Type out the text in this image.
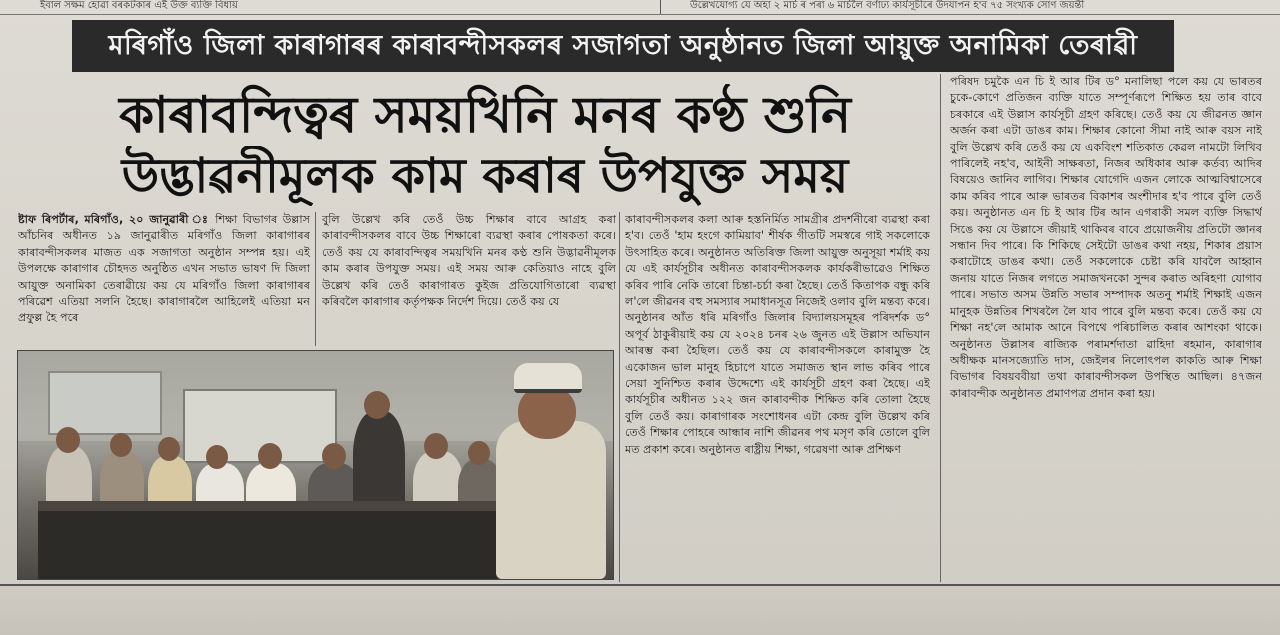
ইবাল সক্ষম হোৱা বৰকটকাৰ এই উক্ত ব্যক্তি বিধায়	উল্লেখযোগ্য যে অহা ২ মাৰ্চ ৰ পৰা ৬ মাৰ্চলৈ বৰ্ণাঢ্য কাৰ্যসূচীৰে উদযাপন হ'ব ৭৫ সংখ্যক সোণ জয়ন্তী
মৰিগাঁও জিলা কাৰাগাৰৰ কাৰাবন্দীসকলৰ সজাগতা অনুষ্ঠানত জিলা আয়ুক্ত অনামিকা তেৰাৱী
কাৰাবন্দিত্বৰ সময়খিনি মনৰ কণ্ঠ শুনি
উদ্ভাৱনীমূলক কাম কৰাৰ উপযুক্ত সময়
ষ্টাফ ৰিপৰ্টাৰ, মৰিগাঁও, ২০ জানুৱাৰী ঃ শিক্ষা বিভাগৰ উল্লাস আঁচনিৰ অধীনত ১৯ জানুৱাৰীত মৰিগাঁও জিলা কাৰাগাৰৰ কাৰাবন্দীসকলৰ মাজত এক সজাগতা অনুষ্ঠান সম্পন্ন হয়। এই উপলক্ষে কাৰাগাৰ চৌহদত অনুষ্ঠিত এখন সভাত ভাষণ দি জিলা আয়ুক্ত অনামিকা তেৰাৱীয়ে কয় যে মৰিগাঁও জিলা কাৰাগাৰৰ পৰিৱেশ এতিয়া সলনি হৈছে। কাৰাগাৰলৈ আহিলেই এতিয়া মন প্ৰফুল্ল হৈ পৰে
বুলি উল্লেখ কৰি তেওঁ উচ্চ শিক্ষাৰ বাবে আগ্ৰহ কৰা কাৰাবন্দীসকলৰ বাবে উচ্চ শিক্ষাৰো ব্যৱস্থা কৰাৰ পোষকতা কৰে। তেওঁ কয় যে কাৰাবন্দিত্বৰ সময়খিনি মনৰ কণ্ঠ শুনি উদ্ভাৱনীমূলক কাম কৰাৰ উপযুক্ত সময়। এই সময় আৰু কেতিয়াও নাহে বুলি উল্লেখ কৰি তেওঁ কাৰাগাৰত কুইজ প্ৰতিযোগিতাৰো ব্যৱস্থা কৰিবলৈ কাৰাগাৰ কৰ্তৃপক্ষক নিৰ্দেশ দিয়ে। তেওঁ কয় যে
কাৰাবন্দীসকলৰ কলা আৰু হস্তনিৰ্মিত সামগ্ৰীৰ প্ৰদৰ্শনীৰো ব্যৱস্থা কৰা হ'ব। তেওঁ 'হাম হংগে কামিয়াব' শীৰ্ষক গীতটি সমস্বৰে গাই সকলোকে উৎসাহিত কৰে। অনুষ্ঠানত অতিৰিক্ত জিলা আয়ুক্ত অনুসূয়া শৰ্মাই কয় যে এই কাৰ্যসূচীৰ অধীনত কাৰাবন্দীসকলক কাৰ্যকৰীভাৱেও শিক্ষিত কৰিব পাৰি নেকি তাৰো চিন্তা-চৰ্চা কৰা হৈছে। তেওঁ কিতাপক বন্ধু কৰি ল'লে জীৱনৰ বহু সমস্যাৰ সমাধানসূত্ৰ নিজেই ওলাব বুলি মন্তব্য কৰে। অনুষ্ঠানৰ আঁত ধৰি মৰিগাঁও জিলাৰ বিদ্যালয়সমূহৰ পৰিদৰ্শক ড° অপূৰ্ব ঠাকুৰীয়াই কয় যে ২০২৪ চনৰ ২৬ জুনত এই উল্লাস অভিযান আৰম্ভ কৰা হৈছিল। তেওঁ কয় যে কাৰাবন্দীসকলে কাৰামুক্ত হৈ একোজন ভাল মানুহ হিচাপে যাতে সমাজত স্থান লাভ কৰিব পাৰে সেয়া সুনিশ্চিত কৰাৰ উদ্দেশ্যে এই কাৰ্যসূচী গ্ৰহণ কৰা হৈছে। এই কাৰ্যসূচীৰ অধীনত ১২২ জন কাৰাবন্দীক শিক্ষিত কৰি তোলা হৈছে বুলি তেওঁ কয়। কাৰাগাৰক সংশোধনৰ এটা কেন্দ্ৰ বুলি উল্লেখ কৰি তেওঁ শিক্ষাৰ পোহৰে আন্ধাৰ নাশি জীৱনৰ পথ মসৃণ কৰি তোলে বুলি মত প্ৰকাশ কৰে। অনুষ্ঠানত ৰাষ্ট্ৰীয় শিক্ষা, গৱেষণা আৰু প্ৰশিক্ষণ
পৰিষদ চমুকৈ এন চি ই আৰ টিৰ ড° মনালিছা পলে কয় যে ভাৰতৰ চুকে-কোণে প্ৰতিজন ব্যক্তি যাতে সম্পূৰ্ণৰূপে শিক্ষিত হয় তাৰ বাবে চৰকাৰে এই উল্লাস কাৰ্যসূচী গ্ৰহণ কৰিছে। তেওঁ কয় যে জীৱনত জ্ঞান অৰ্জন কৰা এটা ডাঙৰ কাম। শিক্ষাৰ কোনো সীমা নাই আৰু বয়স নাই বুলি উল্লেখ কৰি তেওঁ কয় যে একবিংশ শতিকাত কেৱল নামটো লিখিব পাৰিলেই নহ'ব, আইনী সাক্ষৰতা, নিজৰ অধিকাৰ আৰু কৰ্তব্য আদিৰ বিষয়েও জানিব লাগিব। শিক্ষাৰ যোগেদি এজন লোকে আত্মবিশ্বাসেৰে কাম কৰিব পাৰে আৰু ভাৰতৰ বিকাশৰ অংশীদাৰ হ'ব পাৰে বুলি তেওঁ কয়। অনুষ্ঠানত এন চি ই আৰ টিৰ আন এগৰাকী সমল ব্যক্তি সিদ্ধাৰ্থ সিঙে কয় যে উল্লাসে জীয়াই থাকিবৰ বাবে প্ৰয়োজনীয় প্ৰতিটো জ্ঞানৰ সন্ধান দিব পাৰে। কি শিকিছে সেইটো ডাঙৰ কথা নহয়, শিকাৰ প্ৰয়াস কৰাটোহে ডাঙৰ কথা। তেওঁ সকলোকে চেষ্টা কৰি যাবলৈ আহ্বান জনায় যাতে নিজৰ লগতে সমাজখনকো সুন্দৰ কৰাত অৰিহণা যোগাব পাৰে। সভাত অসম উন্নতি সভাৰ সম্পাদক অতনু শৰ্মাই শিক্ষাই এজন মানুহক উন্নতিৰ শিখৰলৈ লৈ যাব পাৰে বুলি মন্তব্য কৰে। তেওঁ কয় যে শিক্ষা নহ'লে আমাক আনে বিপথে পৰিচালিত কৰাৰ আশংকা থাকে। অনুষ্ঠানত উল্লাসৰ ৰাজ্যিক পৰামৰ্শদাতা ৱাহিদা ৰহমান, কাৰাগাৰ অধীক্ষক মানসজ্যোতি দাস, জেইলৰ নিলোৎপল কাকতি আৰু শিক্ষা বিভাগৰ বিষয়ববীয়া তথা কাৰাবন্দীসকল উপস্থিত আছিল। ৪৭জন কাৰাবন্দীক অনুষ্ঠানত প্ৰমাণপত্ৰ প্ৰদান কৰা হয়।
